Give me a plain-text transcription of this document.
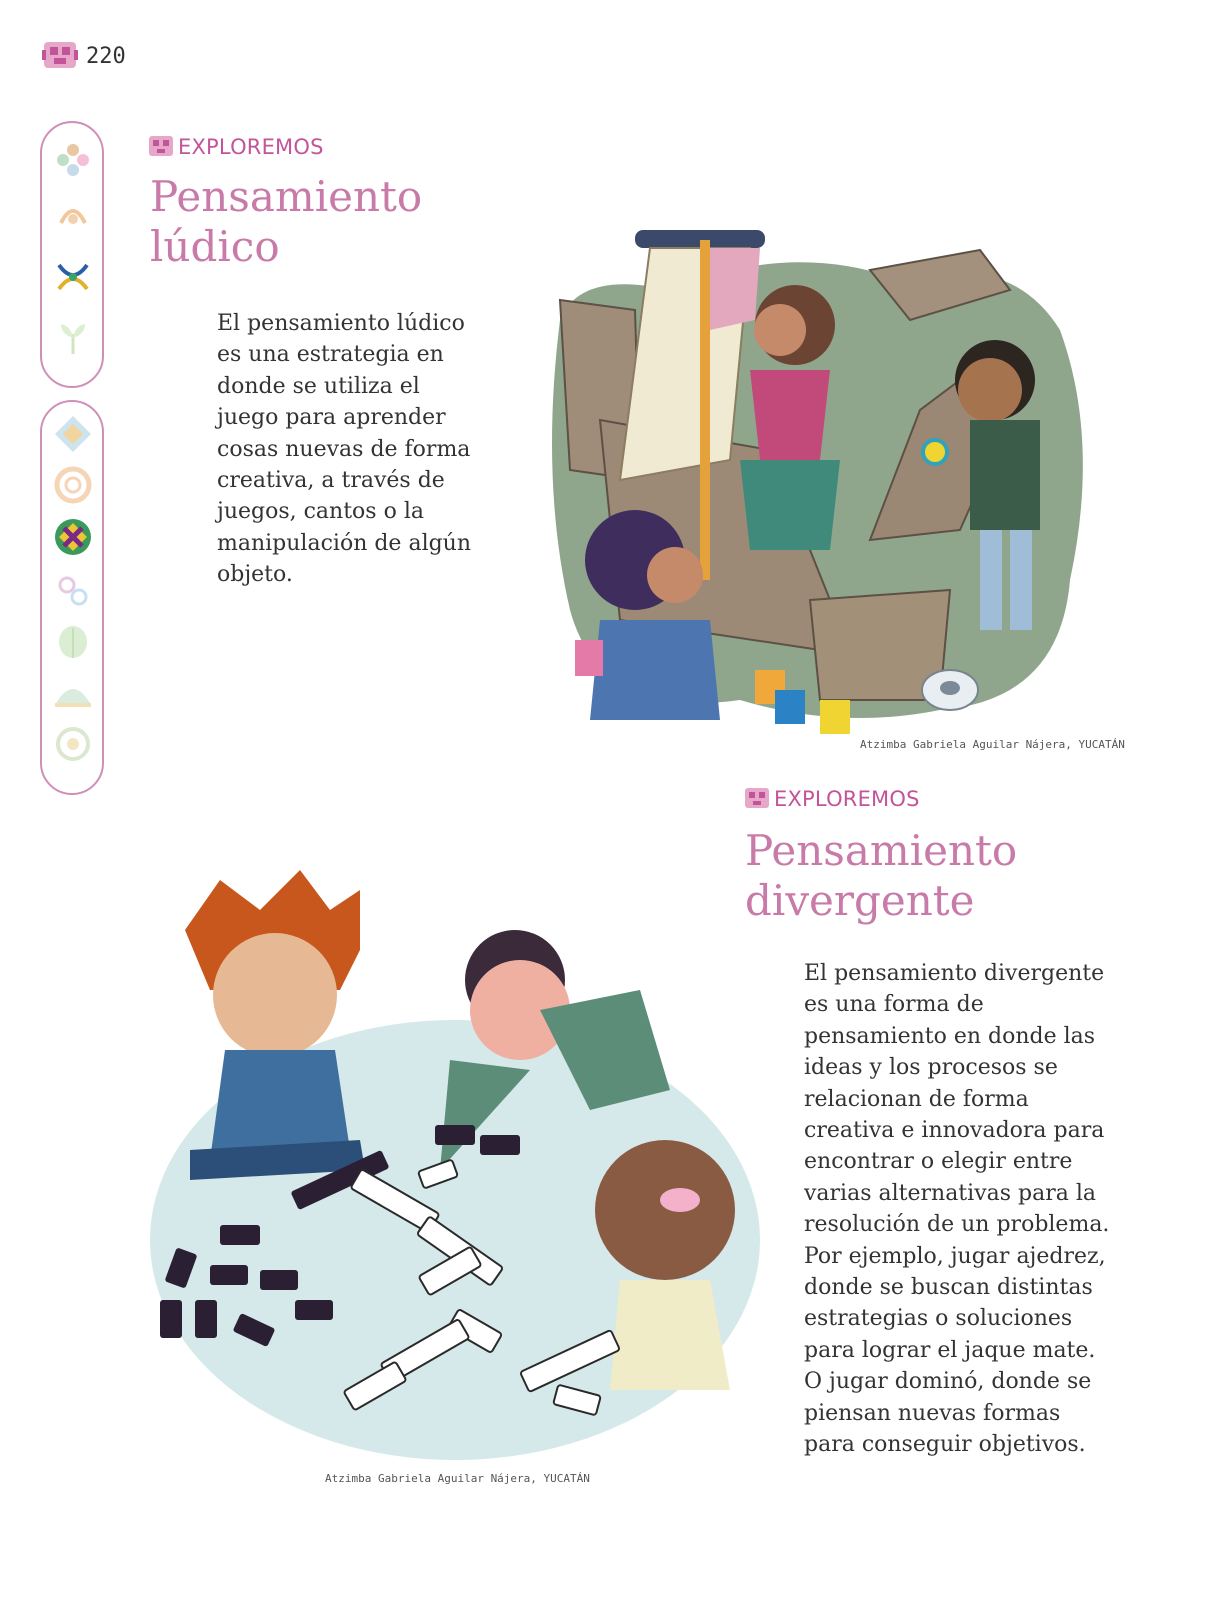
220
EXPLOREMOS
Pensamiento
lúdico

El pensamiento lúdico es una estrategia en donde se utiliza el juego para aprender cosas nuevas de forma creativa, a través de juegos, cantos o la manipulación de algún objeto.

Atzimba Gabriela Aguilar Nájera, YUCATÁN
EXPLOREMOS
Pensamiento
divergente

El pensamiento divergente es una forma de pensamiento en donde las ideas y los procesos se relacionan de forma creativa e innovadora para encontrar o elegir entre varias alternativas para la resolución de un problema. Por ejemplo, jugar ajedrez, donde se buscan distintas estrategias o soluciones para lograr el jaque mate. O jugar dominó, donde se piensan nuevas formas para conseguir objetivos.

Atzimba Gabriela Aguilar Nájera, YUCATÁN
